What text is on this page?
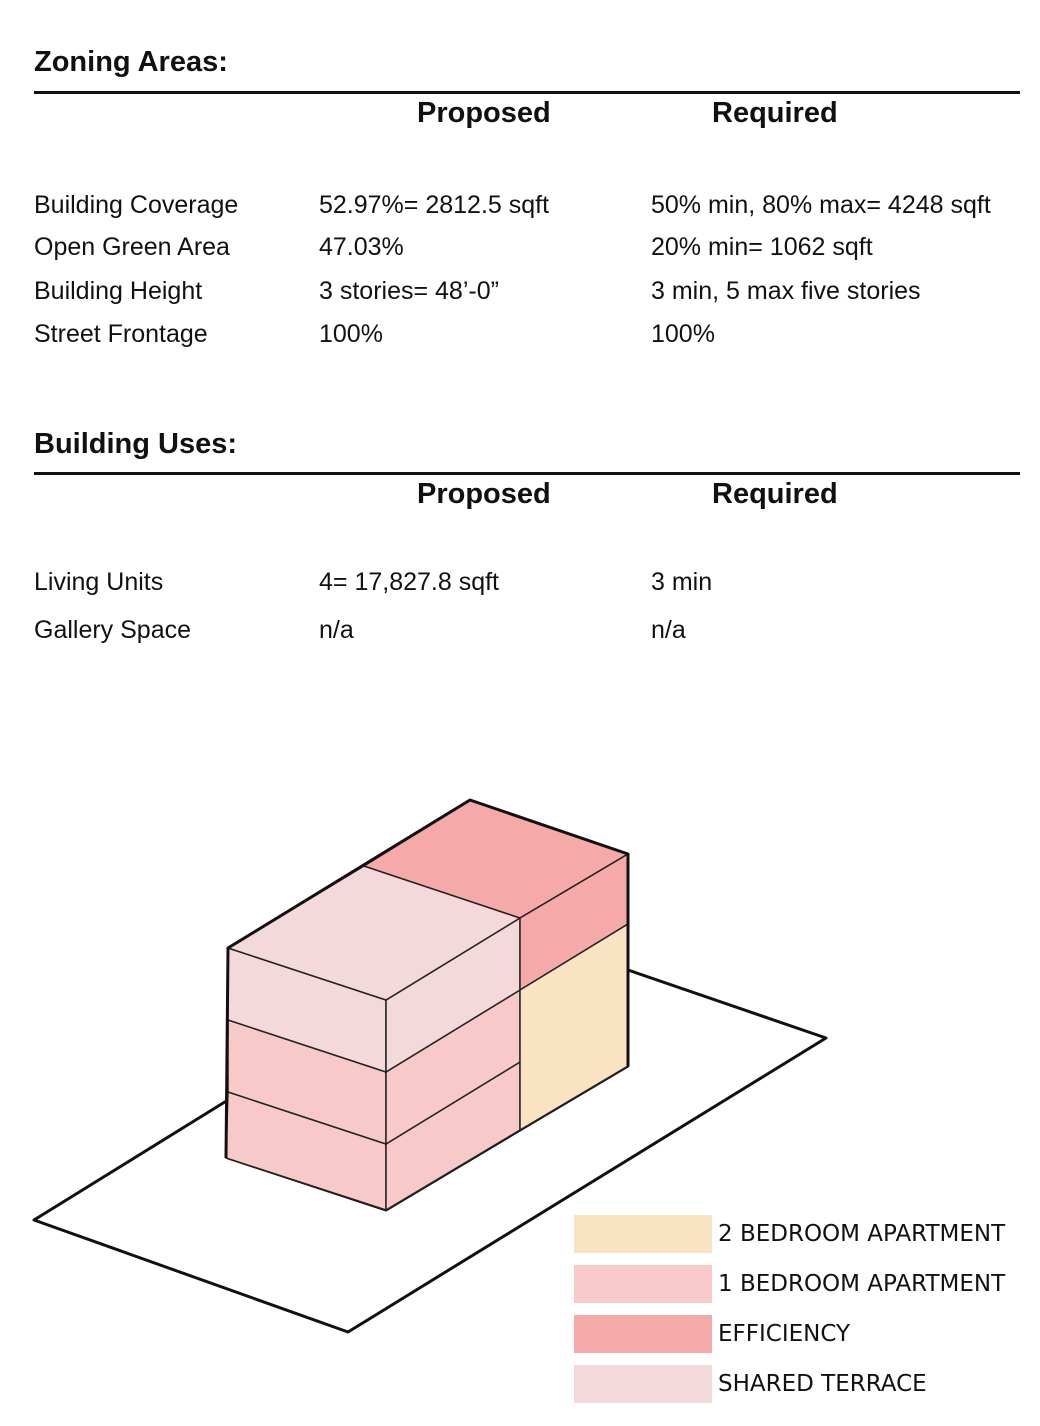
Zoning Areas:
Proposed	Required
Building Coverage	52.97%= 2812.5 sqft	50% min, 80% max= 4248 sqft
Open Green Area	47.03%	20% min= 1062 sqft
Building Height	3 stories= 48’-0”	3 min, 5 max five stories
Street Frontage	100%	100%
Building Uses:
Proposed	Required
Living Units	4= 17,827.8 sqft	3 min
Gallery Space	n/a	n/a
2 BEDROOM APARTMENT
1 BEDROOM APARTMENT
EFFICIENCY
SHARED TERRACE
